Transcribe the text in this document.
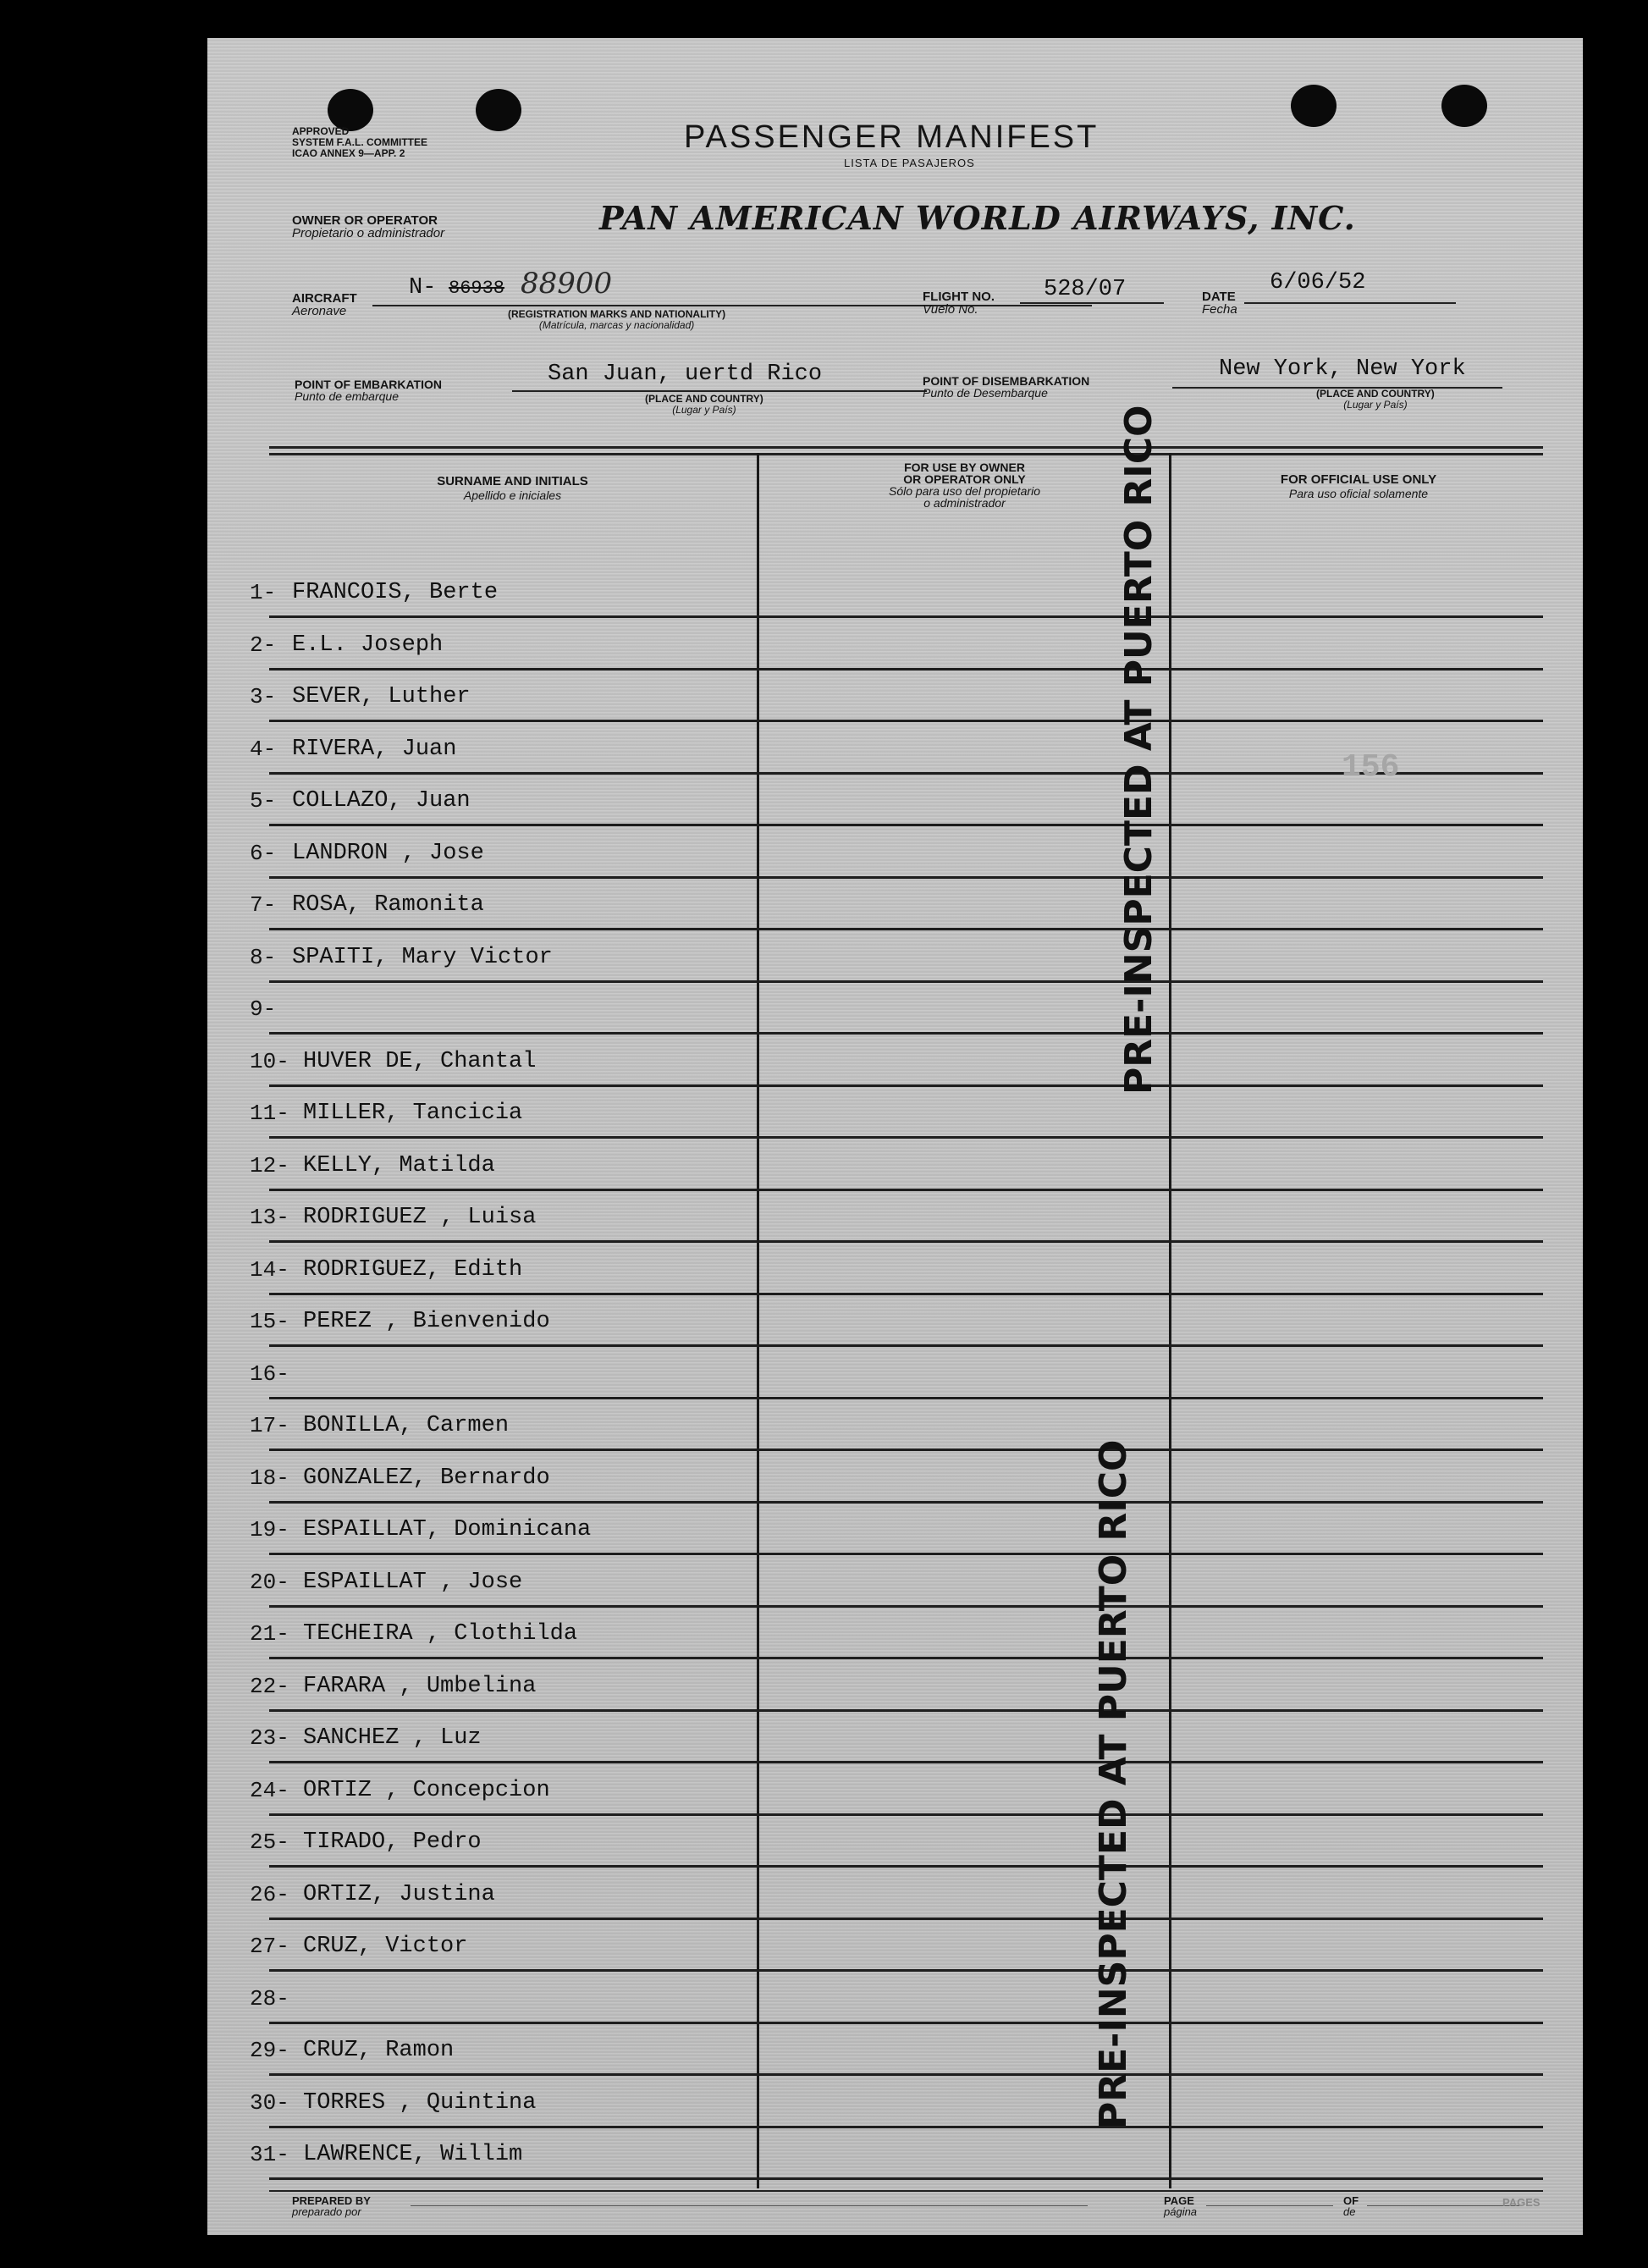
APPROVED
SYSTEM F.A.L. COMMITTEE
ICAO ANNEX 9—APP. 2	PASSENGER MANIFEST
LISTA DE PASAJEROS
OWNER OR OPERATOR
Propietario o administrador	PAN AMERICAN WORLD AIRWAYS, INC.
AIRCRAFT
Aeronave
N- 86938 88900
(REGISTRATION MARKS AND NATIONALITY)
(Matrícula, marcas y nacionalidad)
FLIGHT NO.
Vuelo No.
528/07	DATE
Fecha
6/06/52
POINT OF EMBARKATION
Punto de embarque
San Juan, uertd Rico
(PLACE AND COUNTRY)
(Lugar y País)
POINT OF DISEMBARKATION
Punto de Desembarque
New York, New York
(PLACE AND COUNTRY)
(Lugar y País)
SURNAME AND INITIALS
Apellido e iniciales
FOR USE BY OWNER
OR OPERATOR ONLY
Sólo para uso del propietario
o administrador
FOR OFFICIAL USE ONLY
Para uso oficial solamente
1- FRANCOIS, Berte
2- E.L. Joseph
3- SEVER, Luther
4- RIVERA, Juan
5- COLLAZO, Juan
6- LANDRON , Jose
7- ROSA, Ramonita
8- SPAITI, Mary Victor
9-
10- HUVER DE, Chantal
11- MILLER, Tancicia
12- KELLY, Matilda
13- RODRIGUEZ , Luisa
14- RODRIGUEZ, Edith
15- PEREZ , Bienvenido
16-
17- BONILLA, Carmen
18- GONZALEZ, Bernardo
19- ESPAILLAT, Dominicana
20- ESPAILLAT , Jose
21- TECHEIRA , Clothilda
22- FARARA , Umbelina
23- SANCHEZ , Luz
24- ORTIZ , Concepcion
25- TIRADO, Pedro
26- ORTIZ, Justina
27- CRUZ, Victor
28-
29- CRUZ, Ramon
30- TORRES , Quintina
31- LAWRENCE, Willim
156
PRE-INSPECTED AT PUERTO RICO
PRE-INSPECTED AT PUERTO RICO
PREPARED BY
preparado por
PAGE
página
OF
de
PAGES
